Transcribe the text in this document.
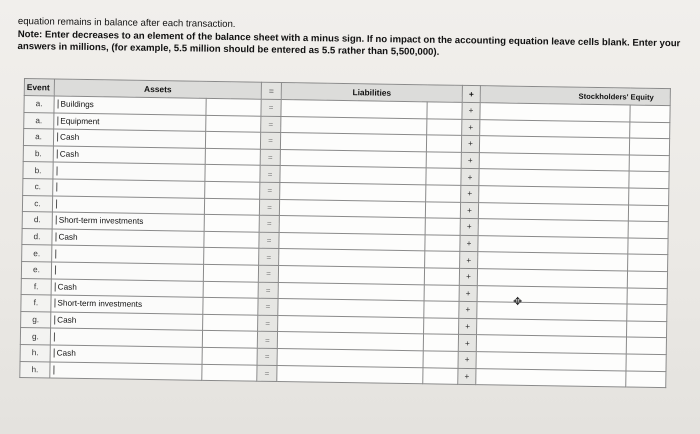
equation remains in balance after each transaction.
Note: Enter decreases to an element of the balance sheet with a minus sign. If no impact on the accounting equation leave cells blank. Enter your answers in millions, (for example, 5.5 million should be entered as 5.5 rather than 5,500,000).
Event	Assets		=	Liabilities		+	Stockholders' Equity	
a.	Buildings		=			+		
a.	Equipment		=			+		
a.	Cash		=			+		
b.	Cash		=			+		
b.			=			+		
c.			=			+		
c.			=			+		
d.	Short-term investments		=			+		
d.	Cash		=			+		
e.			=			+		
e.			=			+		
f.	Cash		=			+		
f.	Short-term investments		=			+		
g.	Cash		=			+		
g.			=			+		
h.	Cash		=			+		
h.			=			+		
✥
